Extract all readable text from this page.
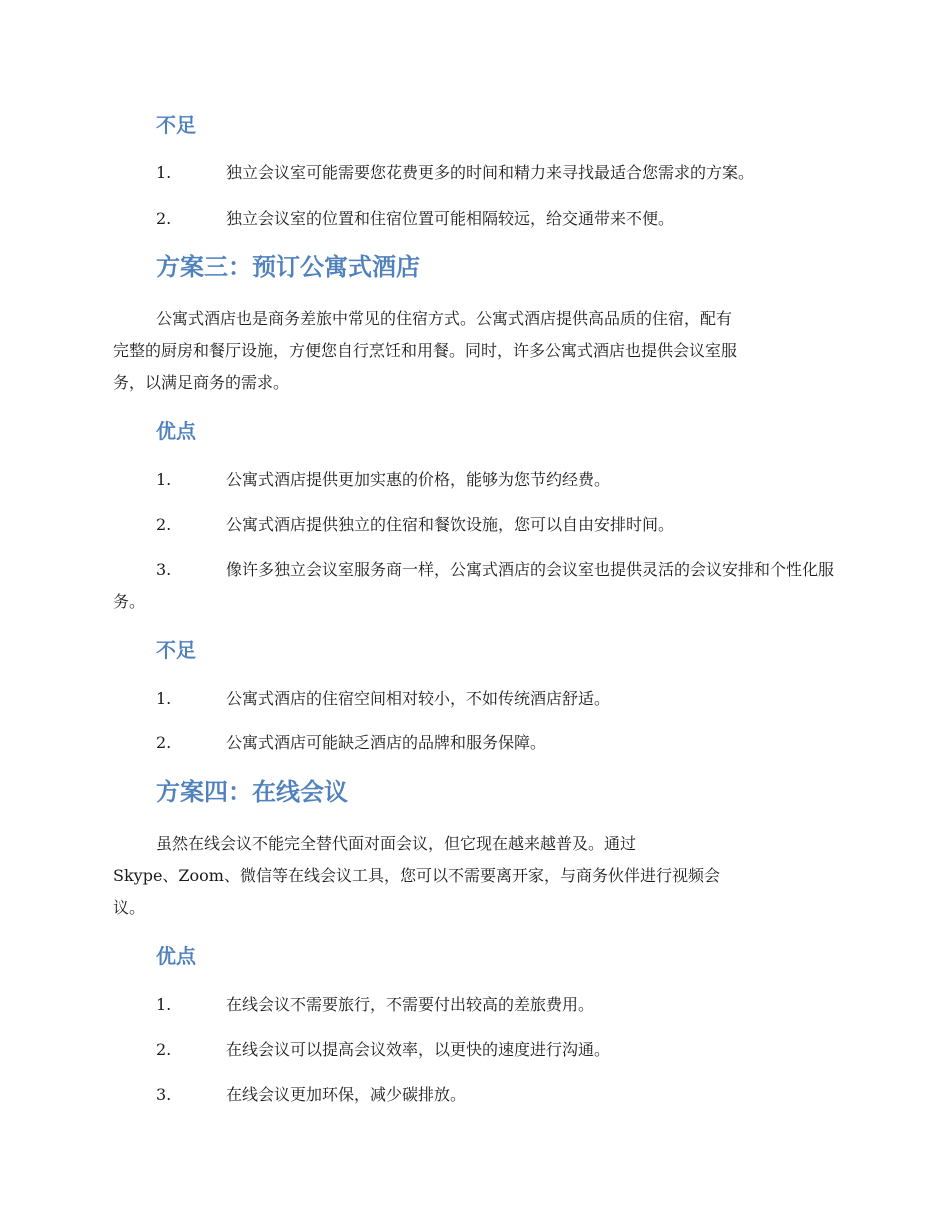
不足
1.	独立会议室可能需要您花费更多的时间和精力来寻找最适合您需求的方案。
2.	独立会议室的位置和住宿位置可能相隔较远，给交通带来不便。
方案三：预订公寓式酒店

公寓式酒店也是商务差旅中常见的住宿方式。公寓式酒店提供高品质的住宿，配有
完整的厨房和餐厅设施，方便您自行烹饪和用餐。同时，许多公寓式酒店也提供会议室服
务，以满足商务的需求。

优点
1.	公寓式酒店提供更加实惠的价格，能够为您节约经费。
2.	公寓式酒店提供独立的住宿和餐饮设施，您可以自由安排时间。
3.	像许多独立会议室服务商一样，公寓式酒店的会议室也提供灵活的会议安排和个性化服务。
不足
1.	公寓式酒店的住宿空间相对较小，不如传统酒店舒适。
2.	公寓式酒店可能缺乏酒店的品牌和服务保障。
方案四：在线会议

虽然在线会议不能完全替代面对面会议，但它现在越来越普及。通过
Skype、Zoom、微信等在线会议工具，您可以不需要离开家，与商务伙伴进行视频会
议。

优点
1.	在线会议不需要旅行，不需要付出较高的差旅费用。
2.	在线会议可以提高会议效率，以更快的速度进行沟通。
3.	在线会议更加环保，减少碳排放。
